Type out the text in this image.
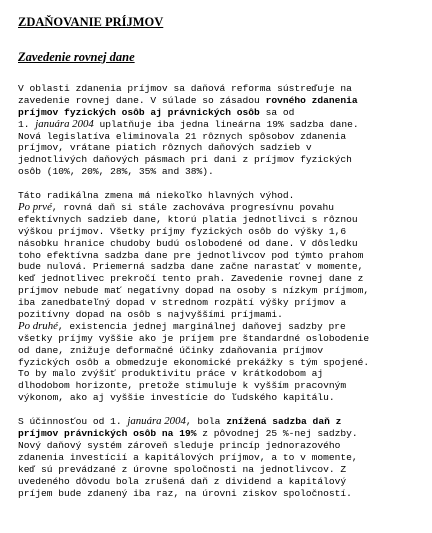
ZDAŇOVANIE PRÍJMOV
Zavedenie rovnej dane

V oblasti zdanenia príjmov sa daňová reforma sústreďuje na
zavedenie rovnej dane. V súlade so zásadou rovného zdanenia
príjmov fyzických osôb aj právnických osôb sa od
1. januára 2004 uplatňuje iba jedna lineárna 19% sadzba dane.
Nová legislatíva eliminovala 21 rôznych spôsobov zdanenia
príjmov, vrátane piatich rôznych daňových sadzieb v
jednotlivých daňových pásmach pri dani z príjmov fyzických
osôb (10%, 20%, 28%, 35% and 38%).

Táto radikálna zmena má niekoľko hlavných výhod.
Po prvé, rovná daň si stále zachováva progresívnu povahu
efektívnych sadzieb dane, ktorú platia jednotlivci s rôznou
výškou príjmov. Všetky príjmy fyzických osôb do výšky 1,6
násobku hranice chudoby budú oslobodené od dane. V dôsledku
toho efektívna sadzba dane pre jednotlivcov pod týmto prahom
bude nulová. Priemerná sadzba dane začne narastať v momente,
keď jednotlivec prekročí tento prah. Zavedenie rovnej dane z
príjmov nebude mať negatívny dopad na osoby s nízkym príjmom,
iba zanedbateľný dopad v strednom rozpätí výšky príjmov a
pozitívny dopad na osôb s najvyššími príjmami.
Po druhé, existencia jednej marginálnej daňovej sadzby pre
všetky príjmy vyššie ako je príjem pre štandardné oslobodenie
od dane, znižuje deformačné účinky zdaňovania príjmov
fyzických osôb a obmedzuje ekonomické prekážky s tým spojené.
To by malo zvýšiť produktivitu práce v krátkodobom aj
dlhodobom horizonte, pretože stimuluje k vyšším pracovným
výkonom, ako aj vyššie investície do ľudského kapitálu.

S účinnosťou od 1. januára 2004, bola znížená sadzba daň z
príjmov právnických osôb na 19% z pôvodnej 25 %-nej sadzby.
Nový daňový systém zároveň sleduje princíp jednorazového
zdanenia investícií a kapitálových príjmov, a to v momente,
keď sú prevádzané z úrovne spoločnosti na jednotlivcov. Z
uvedeného dôvodu bola zrušená daň z dividend a kapitálový
príjem bude zdanený iba raz, na úrovni ziskov spoločností.
